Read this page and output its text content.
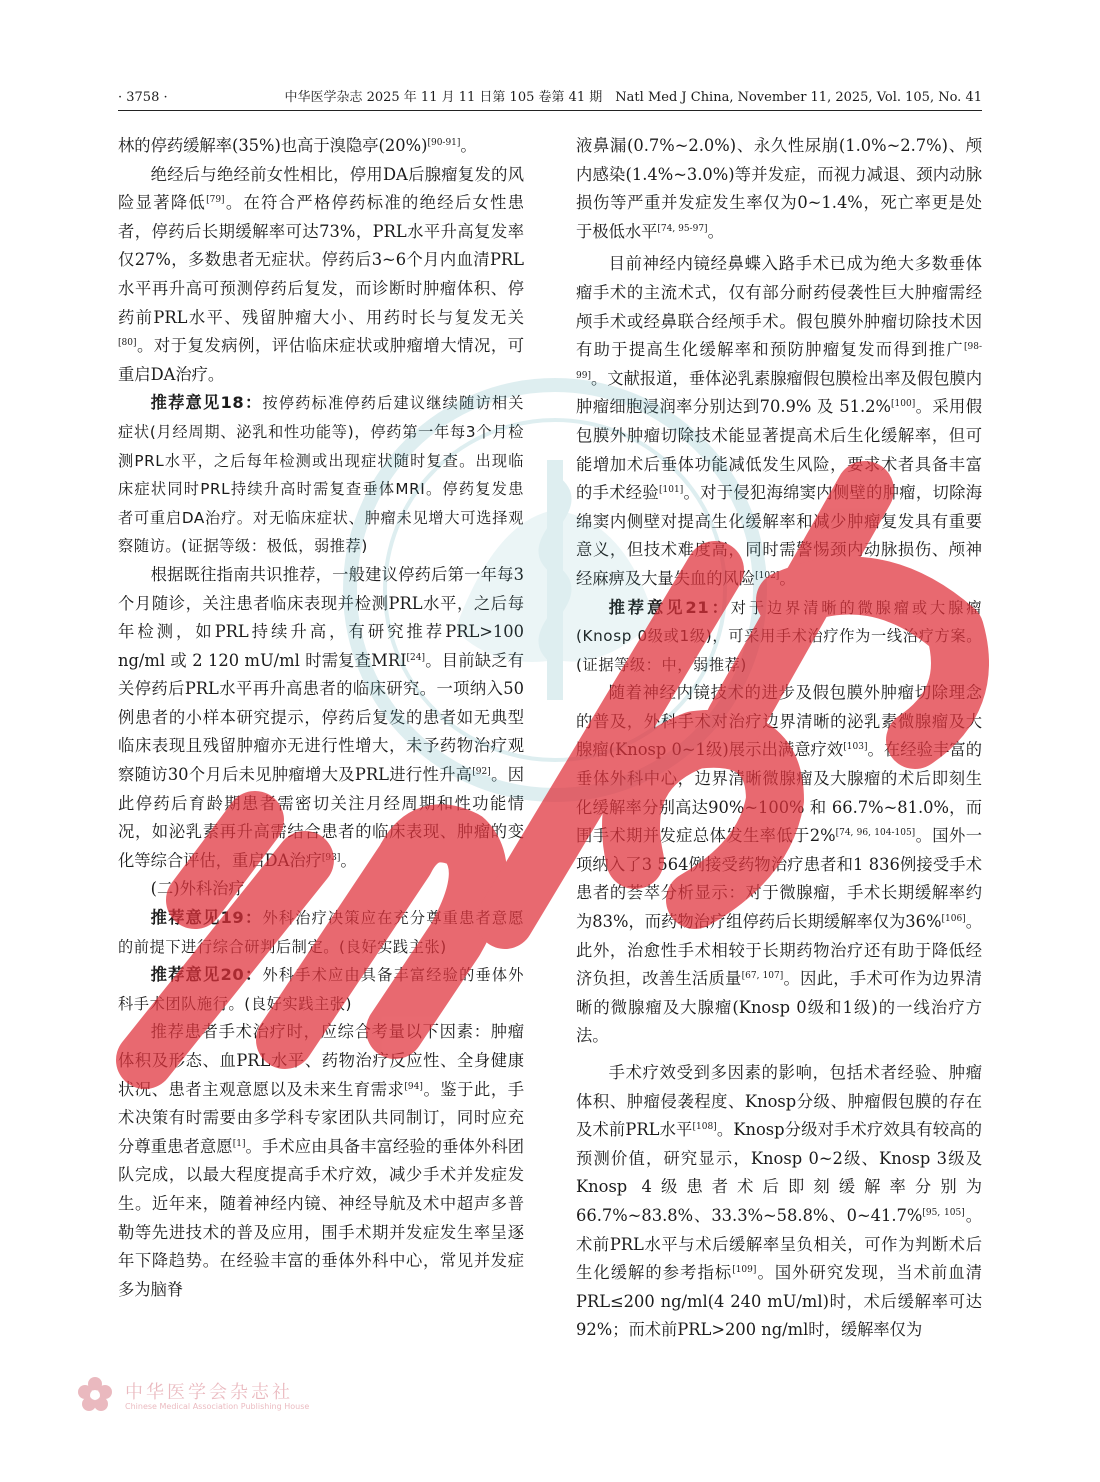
· 3758 ·	中华医学杂志 2025 年 11 月 11 日第 105 卷第 41 期　Natl Med J China, November 11, 2025, Vol. 105, No. 41

林的停药缓解率(35%)也高于溴隐亭(20%)[90-91]。

绝经后与绝经前女性相比，停用DA后腺瘤复发的风险显著降低[79]。在符合严格停药标准的绝经后女性患者，停药后长期缓解率可达73%，PRL水平升高复发率仅27%，多数患者无症状。停药后3~6个月内血清PRL水平再升高可预测停药后复发，而诊断时肿瘤体积、停药前PRL水平、残留肿瘤大小、用药时长与复发无关[80]。对于复发病例，评估临床症状或肿瘤增大情况，可重启DA治疗。

推荐意见18：按停药标准停药后建议继续随访相关症状(月经周期、泌乳和性功能等)，停药第一年每3个月检测PRL水平，之后每年检测或出现症状随时复查。出现临床症状同时PRL持续升高时需复查垂体MRI。停药复发患者可重启DA治疗。对无临床症状、肿瘤未见增大可选择观察随访。(证据等级：极低，弱推荐)

根据既往指南共识推荐，一般建议停药后第一年每3个月随诊，关注患者临床表现并检测PRL水平，之后每年检测，如PRL持续升高，有研究推荐PRL>100 ng/ml 或 2 120 mU/ml 时需复查MRI[24]。目前缺乏有关停药后PRL水平再升高患者的临床研究。一项纳入50例患者的小样本研究提示，停药后复发的患者如无典型临床表现且残留肿瘤亦无进行性增大，未予药物治疗观察随访30个月后未见肿瘤增大及PRL进行性升高[92]。因此停药后育龄期患者需密切关注月经周期和性功能情况，如泌乳素再升高需结合患者的临床表现、肿瘤的变化等综合评估，重启DA治疗[93]。

(二)外科治疗

推荐意见19：外科治疗决策应在充分尊重患者意愿的前提下进行综合研判后制定。(良好实践主张)

推荐意见20：外科手术应由具备丰富经验的垂体外科手术团队施行。(良好实践主张)

推荐患者手术治疗时，应综合考量以下因素：肿瘤体积及形态、血PRL水平、药物治疗反应性、全身健康状况、患者主观意愿以及未来生育需求[94]。鉴于此，手术决策有时需要由多学科专家团队共同制订，同时应充分尊重患者意愿[1]。手术应由具备丰富经验的垂体外科团队完成，以最大程度提高手术疗效，减少手术并发症发生。近年来，随着神经内镜、神经导航及术中超声多普勒等先进技术的普及应用，围手术期并发症发生率呈逐年下降趋势。在经验丰富的垂体外科中心，常见并发症多为脑脊

液鼻漏(0.7%~2.0%)、永久性尿崩(1.0%~2.7%)、颅内感染(1.4%~3.0%)等并发症，而视力减退、颈内动脉损伤等严重并发症发生率仅为0~1.4%，死亡率更是处于极低水平[74, 95-97]。

目前神经内镜经鼻蝶入路手术已成为绝大多数垂体瘤手术的主流术式，仅有部分耐药侵袭性巨大肿瘤需经颅手术或经鼻联合经颅手术。假包膜外肿瘤切除技术因有助于提高生化缓解率和预防肿瘤复发而得到推广[98-99]。文献报道，垂体泌乳素腺瘤假包膜检出率及假包膜内肿瘤细胞浸润率分别达到70.9% 及 51.2%[100]。采用假包膜外肿瘤切除技术能显著提高术后生化缓解率，但可能增加术后垂体功能减低发生风险，要求术者具备丰富的手术经验[101]。对于侵犯海绵窦内侧壁的肿瘤，切除海绵窦内侧壁对提高生化缓解率和减少肿瘤复发具有重要意义，但技术难度高，同时需警惕颈内动脉损伤、颅神经麻痹及大量失血的风险[102]。

推荐意见21：对于边界清晰的微腺瘤或大腺瘤(Knosp 0级或1级)，可采用手术治疗作为一线治疗方案。(证据等级：中，弱推荐)

随着神经内镜技术的进步及假包膜外肿瘤切除理念的普及，外科手术对治疗边界清晰的泌乳素微腺瘤及大腺瘤(Knosp 0~1级)展示出满意疗效[103]。在经验丰富的垂体外科中心，边界清晰微腺瘤及大腺瘤的术后即刻生化缓解率分别高达90%~100% 和 66.7%~81.0%，而围手术期并发症总体发生率低于2%[74, 96, 104-105]。国外一项纳入了3 564例接受药物治疗患者和1 836例接受手术患者的荟萃分析显示：对于微腺瘤，手术长期缓解率约为83%，而药物治疗组停药后长期缓解率仅为36%[106]。此外，治愈性手术相较于长期药物治疗还有助于降低经济负担，改善生活质量[67, 107]。因此，手术可作为边界清晰的微腺瘤及大腺瘤(Knosp 0级和1级)的一线治疗方法。

手术疗效受到多因素的影响，包括术者经验、肿瘤体积、肿瘤侵袭程度、Knosp分级、肿瘤假包膜的存在及术前PRL水平[108]。Knosp分级对手术疗效具有较高的预测价值，研究显示，Knosp 0~2级、Knosp 3级及Knosp 4级患者术后即刻缓解率分别为66.7%~83.8%、33.3%~58.8%、0~41.7%[95, 105]。术前PRL水平与术后缓解率呈负相关，可作为判断术后生化缓解的参考指标[109]。国外研究发现，当术前血清PRL≤200 ng/ml(4 240 mU/ml)时，术后缓解率可达92%；而术前PRL>200 ng/ml时，缓解率仅为

中华医学会杂志社
Chinese Medical Association Publishing House
